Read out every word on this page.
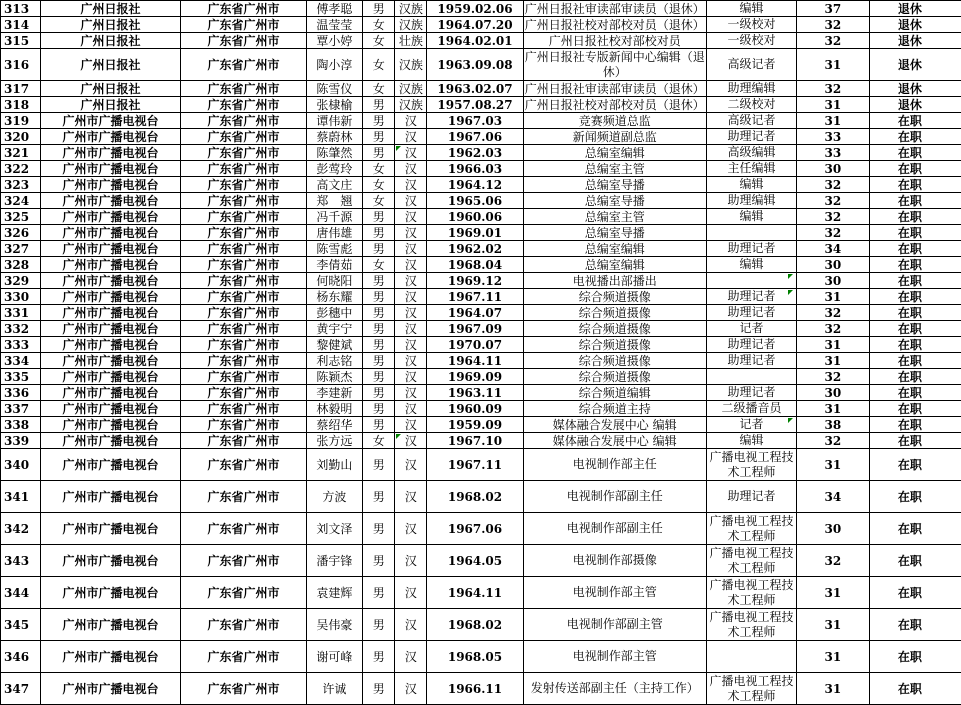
313	广州日报社	广东省广州市	傅孝聪	男	汉族	1959.02.06	广州日报社审读部审读员（退休）	编辑	37	退休	
314	广州日报社	广东省广州市	温莹莹	女	汉族	1964.07.20	广州日报社校对部校对员（退休）	一级校对	32	退休	
315	广州日报社	广东省广州市	覃小婷	女	壮族	1964.02.01	广州日报社校对部校对员	一级校对	32	退休	
316	广州日报社	广东省广州市	陶小淳	女	汉族	1963.09.08	广州日报社专版新闻中心编辑（退休）	高级记者	31	退休	
317	广州日报社	广东省广州市	陈雪仪	女	汉族	1963.02.07	广州日报社审读部审读员（退休）	助理编辑	32	退休	
318	广州日报社	广东省广州市	张棣榆	男	汉族	1957.08.27	广州日报社校对部校对员（退休）	二级校对	31	退休	
319	广州市广播电视台	广东省广州市	谭伟新	男	汉	1967.03	竞赛频道总监	高级记者	31	在职	
320	广州市广播电视台	广东省广州市	蔡蔚林	男	汉	1967.06	新闻频道副总监	助理记者	33	在职	
321	广州市广播电视台	广东省广州市	陈肇然	男	汉	1962.03	总编室编辑	高级编辑	33	在职	
322	广州市广播电视台	广东省广州市	彭莺玲	女	汉	1966.03	总编室主管	主任编辑	30	在职	
323	广州市广播电视台	广东省广州市	高文庄	女	汉	1964.12	总编室导播	编辑	32	在职	
324	广州市广播电视台	广东省广州市	郑　翘	女	汉	1965.06	总编室导播	助理编辑	32	在职	
325	广州市广播电视台	广东省广州市	冯千源	男	汉	1960.06	总编室主管	编辑	32	在职	
326	广州市广播电视台	广东省广州市	唐伟雄	男	汉	1969.01	总编室导播		32	在职	
327	广州市广播电视台	广东省广州市	陈雪彪	男	汉	1962.02	总编室编辑	助理记者	34	在职	
328	广州市广播电视台	广东省广州市	李倩茹	女	汉	1968.04	总编室编辑	编辑	30	在职	
329	广州市广播电视台	广东省广州市	何晓阳	男	汉	1969.12	电视播出部播出		30	在职	
330	广州市广播电视台	广东省广州市	杨东耀	男	汉	1967.11	综合频道摄像	助理记者	31	在职	
331	广州市广播电视台	广东省广州市	彭穗中	男	汉	1964.07	综合频道摄像	助理记者	32	在职	
332	广州市广播电视台	广东省广州市	黄宇宁	男	汉	1967.09	综合频道摄像	记者	32	在职	
333	广州市广播电视台	广东省广州市	黎健斌	男	汉	1970.07	综合频道摄像	助理记者	31	在职	
334	广州市广播电视台	广东省广州市	利志铭	男	汉	1964.11	综合频道摄像	助理记者	31	在职	
335	广州市广播电视台	广东省广州市	陈颖杰	男	汉	1969.09	综合频道摄像		32	在职	
336	广州市广播电视台	广东省广州市	李建新	男	汉	1963.11	综合频道编辑	助理记者	30	在职	
337	广州市广播电视台	广东省广州市	林毅明	男	汉	1960.09	综合频道主持	二级播音员	31	在职	
338	广州市广播电视台	广东省广州市	蔡绍华	男	汉	1959.09	媒体融合发展中心 编辑	记者	38	在职	
339	广州市广播电视台	广东省广州市	张方远	女	汉	1967.10	媒体融合发展中心 编辑	编辑	32	在职	
340	广州市广播电视台	广东省广州市	刘勤山	男	汉	1967.11	电视制作部主任	广播电视工程技术工程师	31	在职	
341	广州市广播电视台	广东省广州市	方波	男	汉	1968.02	电视制作部副主任	助理记者	34	在职	
342	广州市广播电视台	广东省广州市	刘文泽	男	汉	1967.06	电视制作部副主任	广播电视工程技术工程师	30	在职	
343	广州市广播电视台	广东省广州市	潘宇锋	男	汉	1964.05	电视制作部摄像	广播电视工程技术工程师	32	在职	
344	广州市广播电视台	广东省广州市	袁建辉	男	汉	1964.11	电视制作部主管	广播电视工程技术工程师	31	在职	
345	广州市广播电视台	广东省广州市	吴伟豪	男	汉	1968.02	电视制作部副主管	广播电视工程技术工程师	31	在职	
346	广州市广播电视台	广东省广州市	谢可峰	男	汉	1968.05	电视制作部主管		31	在职	
347	广州市广播电视台	广东省广州市	许诚	男	汉	1966.11	发射传送部副主任（主持工作）	广播电视工程技术工程师	31	在职	
